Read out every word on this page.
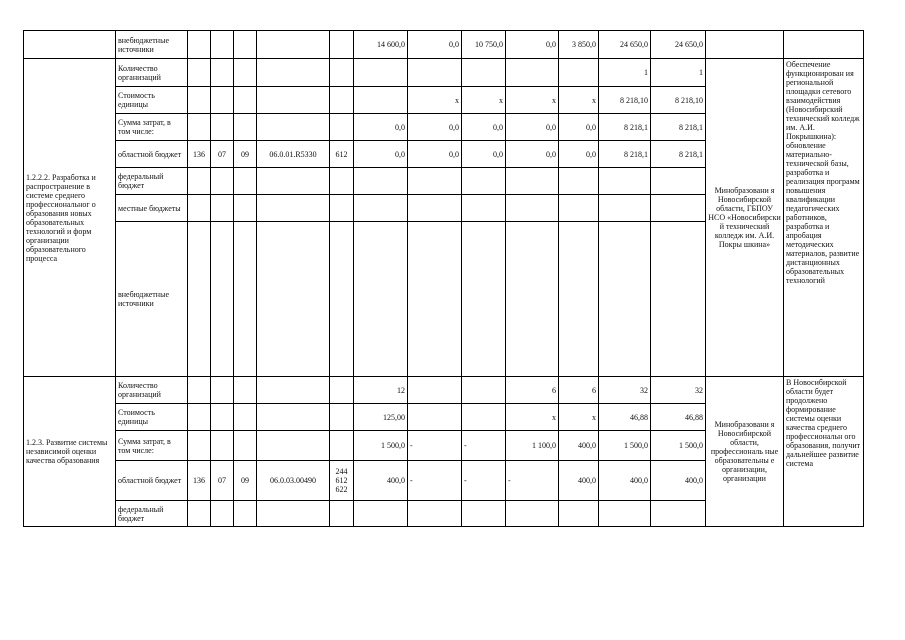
	внебюджетные источники						14 600,0	0,0	10 750,0	0,0	3 850,0	24 650,0	24 650,0		
1.2.2.2. Разработка и распространение в системе среднего профессиональног о образования новых образовательных технологий и форм организации образовательного процесса	Количество организаций											1	1	Минобразовани я Новосибирской области, ГБПОУ НСО «Новосибирски й технический колледж им. А.И. Покры шкина»	Обеспечение функционирован ия региональной площадки сетевого взаимодействия (Новосибирский технический колледж им. А.И. Покрышкина): обновление материально-технической базы, разработка и реализация программ повышения квалификации педагогических работников, разработка и апробация методических материалов, развитие дистанционных образовательных технологий
	Стоимость единицы							х	х	х	х	8 218,10	8 218,10		
	Сумма затрат, в том числе:						0,0	0,0	0,0	0,0	0,0	8 218,1	8 218,1		
	областной бюджет	136	07	09	06.0.01.R5330	612	0,0	0,0	0,0	0,0	0,0	8 218,1	8 218,1		
	федеральный бюджет														
	местные бюджеты														
	внебюджетные источники														
1.2.3. Развитие системы независимой оценки качества образования	Количество организаций						12			6	6	32	32	Минобразовани я Новосибирской области, профессиональ ные образовательны е организации, организации	В Новосибирской области будет продолжено формирование системы оценки качества среднего профессиональн ого образования, получит дальнейшее развитие система
	Стоимость единицы						125,00			х	х	46,88	46,88		
	Сумма затрат, в том числе:						1 500,0	-	-	1 100,0	400,0	1 500,0	1 500,0		
	областной бюджет	136	07	09	06.0.03.00490	244 612 622	400,0	-	-	-	400,0	400,0	400,0		
	федеральный бюджет														
